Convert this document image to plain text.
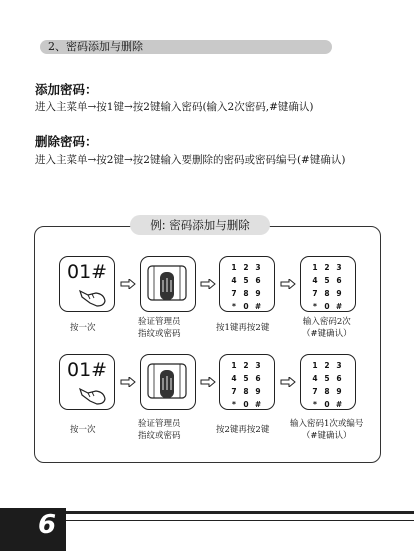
2、密码添加与删除
添加密码：
进入主菜单→按1键→按2键输入密码(输入2次密码,#键确认)
删除密码：
进入主菜单→按2键→按2键输入要删除的密码或密码编号(#键确认)
例: 密码添加与删除
01#	1 2 3
4 5 6
7 8 9
* 0 #
1 2 3
4 5 6
7 8 9
* 0 #
按一次
验证管理员
指纹或密码
按1键再按2键
输入密码2次
（#键确认）
01#	1 2 3
4 5 6
7 8 9
* 0 #
1 2 3
4 5 6
7 8 9
* 0 #
按一次
验证管理员
指纹或密码
按2键再按2键
输入密码1次或编号
（#键确认）
6
